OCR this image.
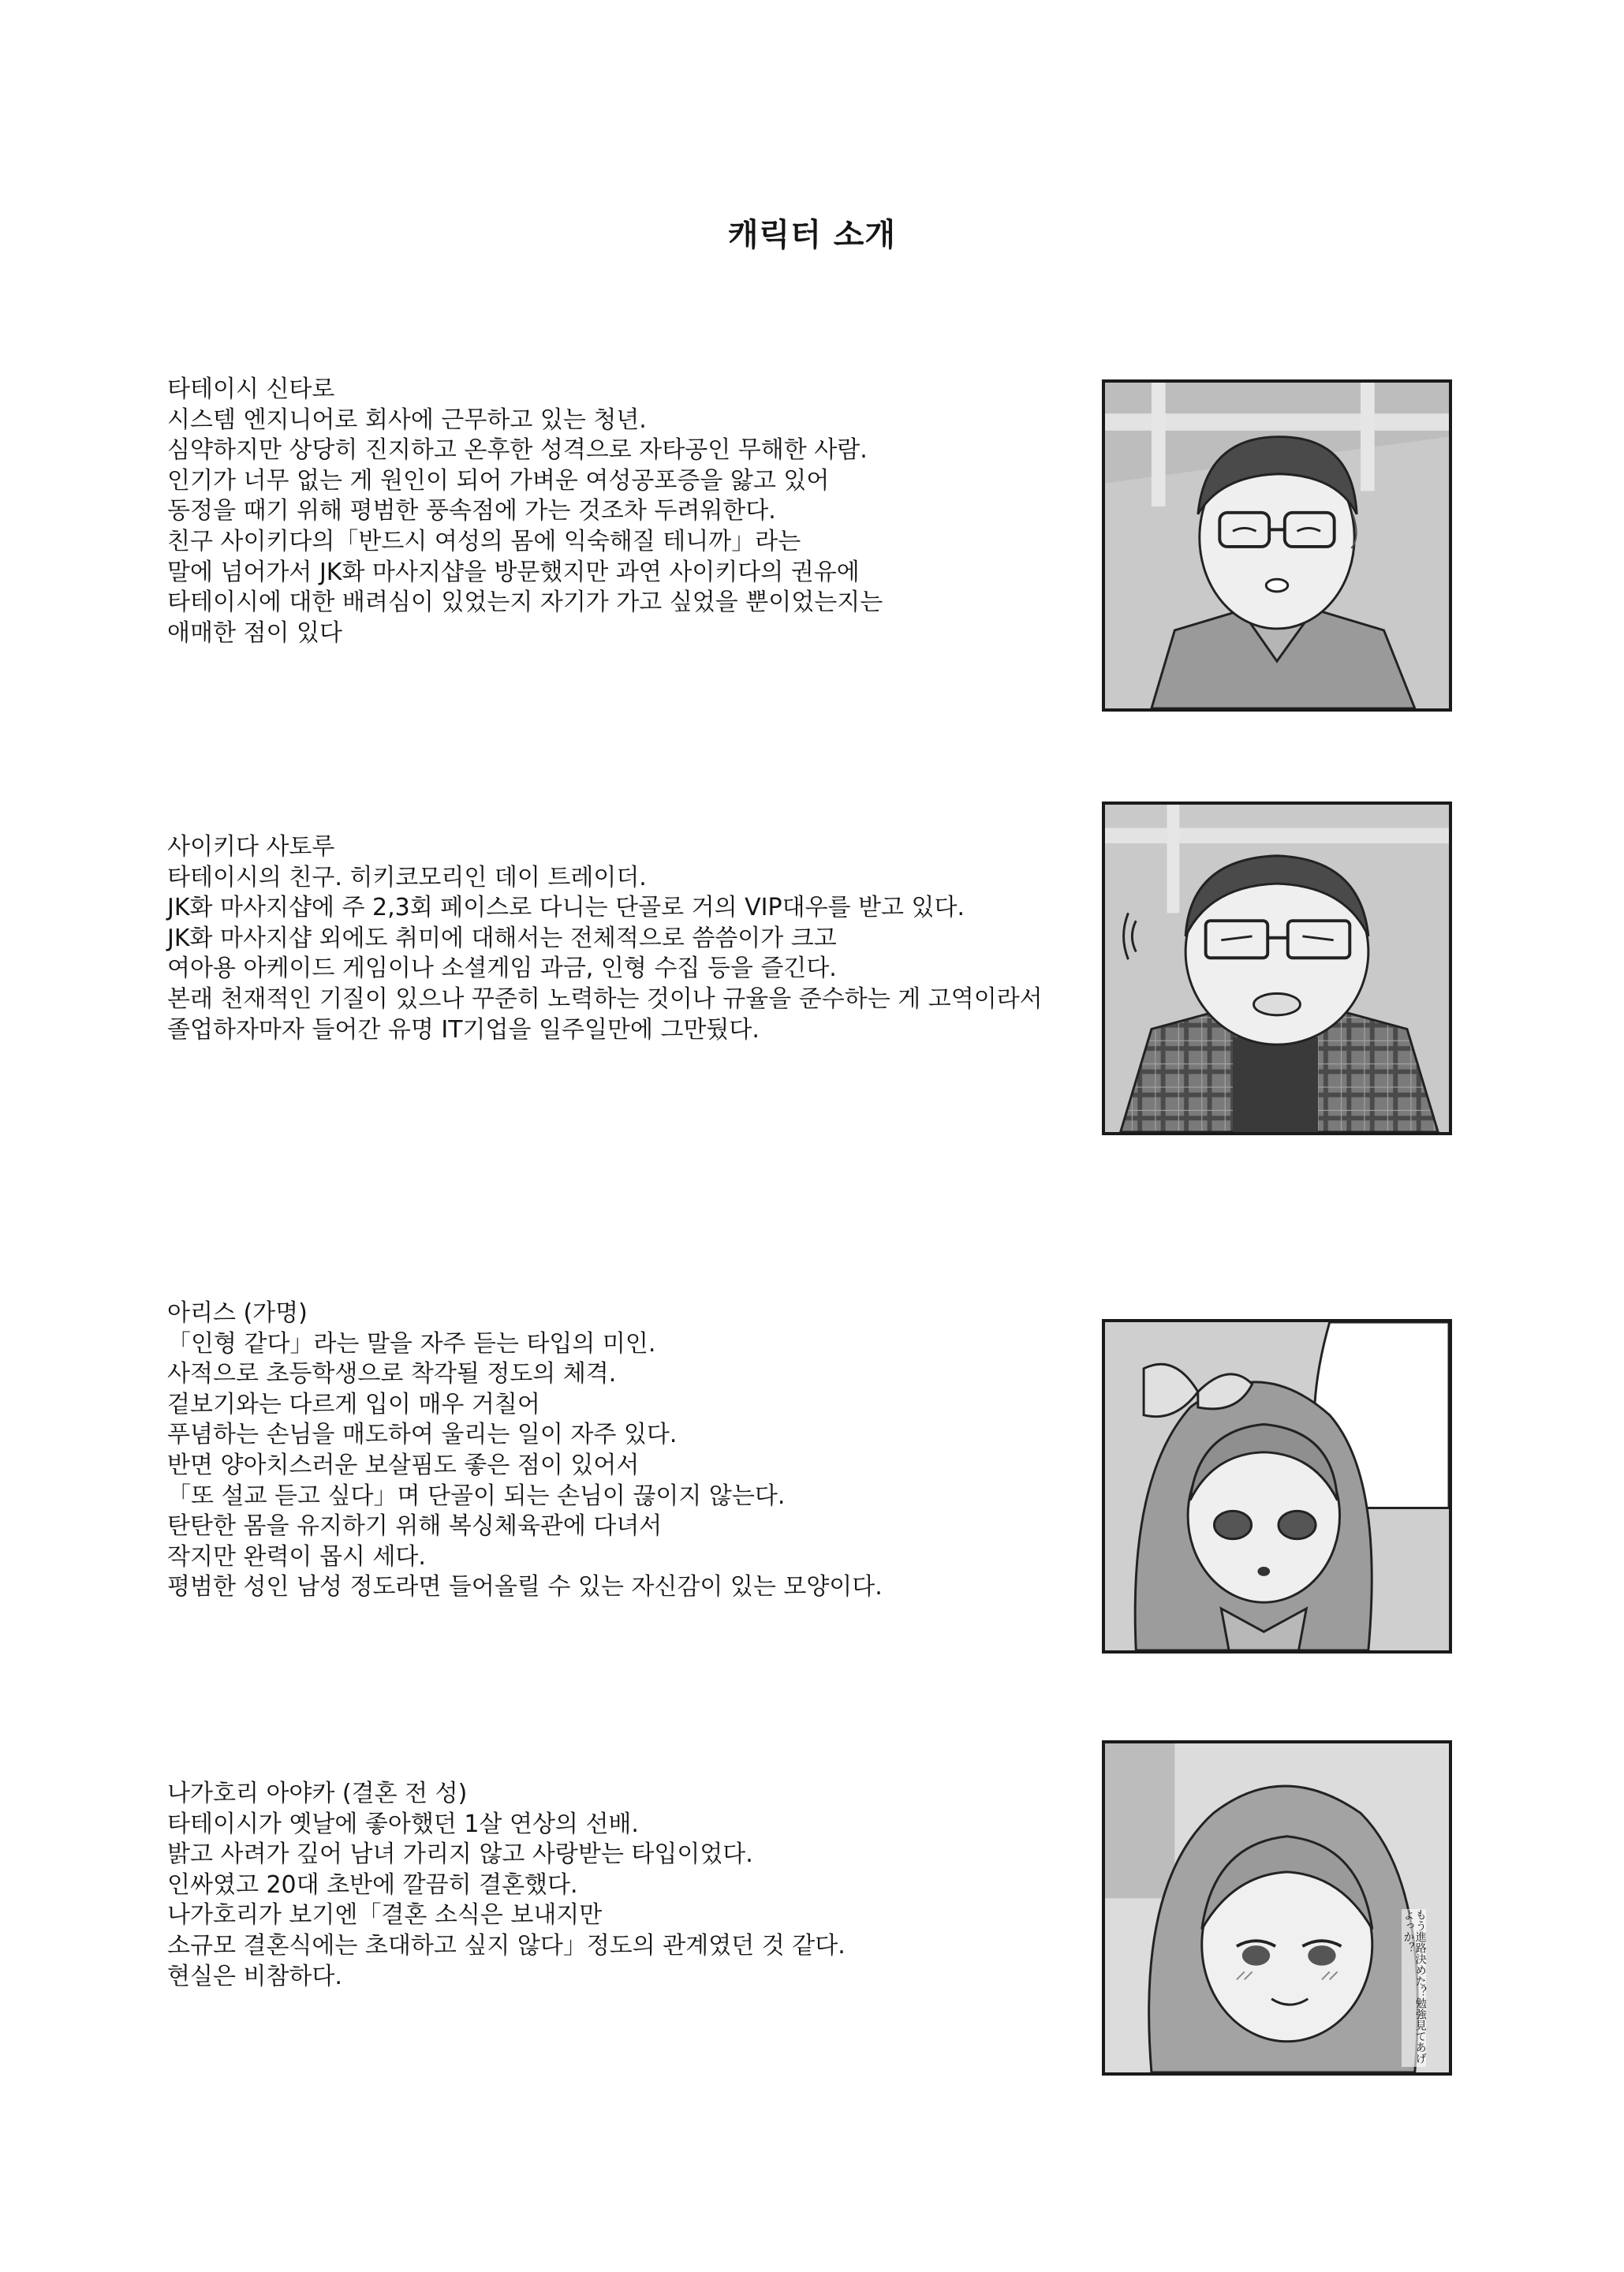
캐릭터 소개
타테이시 신타로
시스템 엔지니어로 회사에 근무하고 있는 청년.
심약하지만 상당히 진지하고 온후한 성격으로 자타공인 무해한 사람.
인기가 너무 없는 게 원인이 되어 가벼운 여성공포증을 앓고 있어
동정을 때기 위해 평범한 풍속점에 가는 것조차 두려워한다.
친구 사이키다의「반드시 여성의 몸에 익숙해질 테니까」라는
말에 넘어가서 JK화 마사지샵을 방문했지만 과연 사이키다의 권유에
타테이시에 대한 배려심이 있었는지 자기가 가고 싶었을 뿐이었는지는
애매한 점이 있다
사이키다 사토루
타테이시의 친구. 히키코모리인 데이 트레이더.
JK화 마사지샵에 주 2,3회 페이스로 다니는 단골로 거의 VIP대우를 받고 있다.
JK화 마사지샵 외에도 취미에 대해서는 전체적으로 씀씀이가 크고
여아용 아케이드 게임이나 소셜게임 과금, 인형 수집 등을 즐긴다.
본래 천재적인 기질이 있으나 꾸준히 노력하는 것이나 규율을 준수하는 게 고역이라서
졸업하자마자 들어간 유명 IT기업을 일주일만에 그만뒀다.
아리스 (가명)
「인형 같다」라는 말을 자주 듣는 타입의 미인.
사적으로 초등학생으로 착각될 정도의 체격.
겉보기와는 다르게 입이 매우 거칠어
푸념하는 손님을 매도하여 울리는 일이 자주 있다.
반면 양아치스러운 보살핌도 좋은 점이 있어서
「또 설교 듣고 싶다」며 단골이 되는 손님이 끊이지 않는다.
탄탄한 몸을 유지하기 위해 복싱체육관에 다녀서
작지만 완력이 몹시 세다.
평범한 성인 남성 정도라면 들어올릴 수 있는 자신감이 있는 모양이다.
나가호리 아야카 (결혼 전 성)
타테이시가 옛날에 좋아했던 1살 연상의 선배.
밝고 사려가 깊어 남녀 가리지 않고 사랑받는 타입이었다.
인싸였고 20대 초반에 깔끔히 결혼했다.
나가호리가 보기엔「결혼 소식은 보내지만
소규모 결혼식에는 초대하고 싶지 않다」정도의 관계였던 것 같다.
현실은 비참하다.	もう進路決めた？勉強見てあげよっか？
